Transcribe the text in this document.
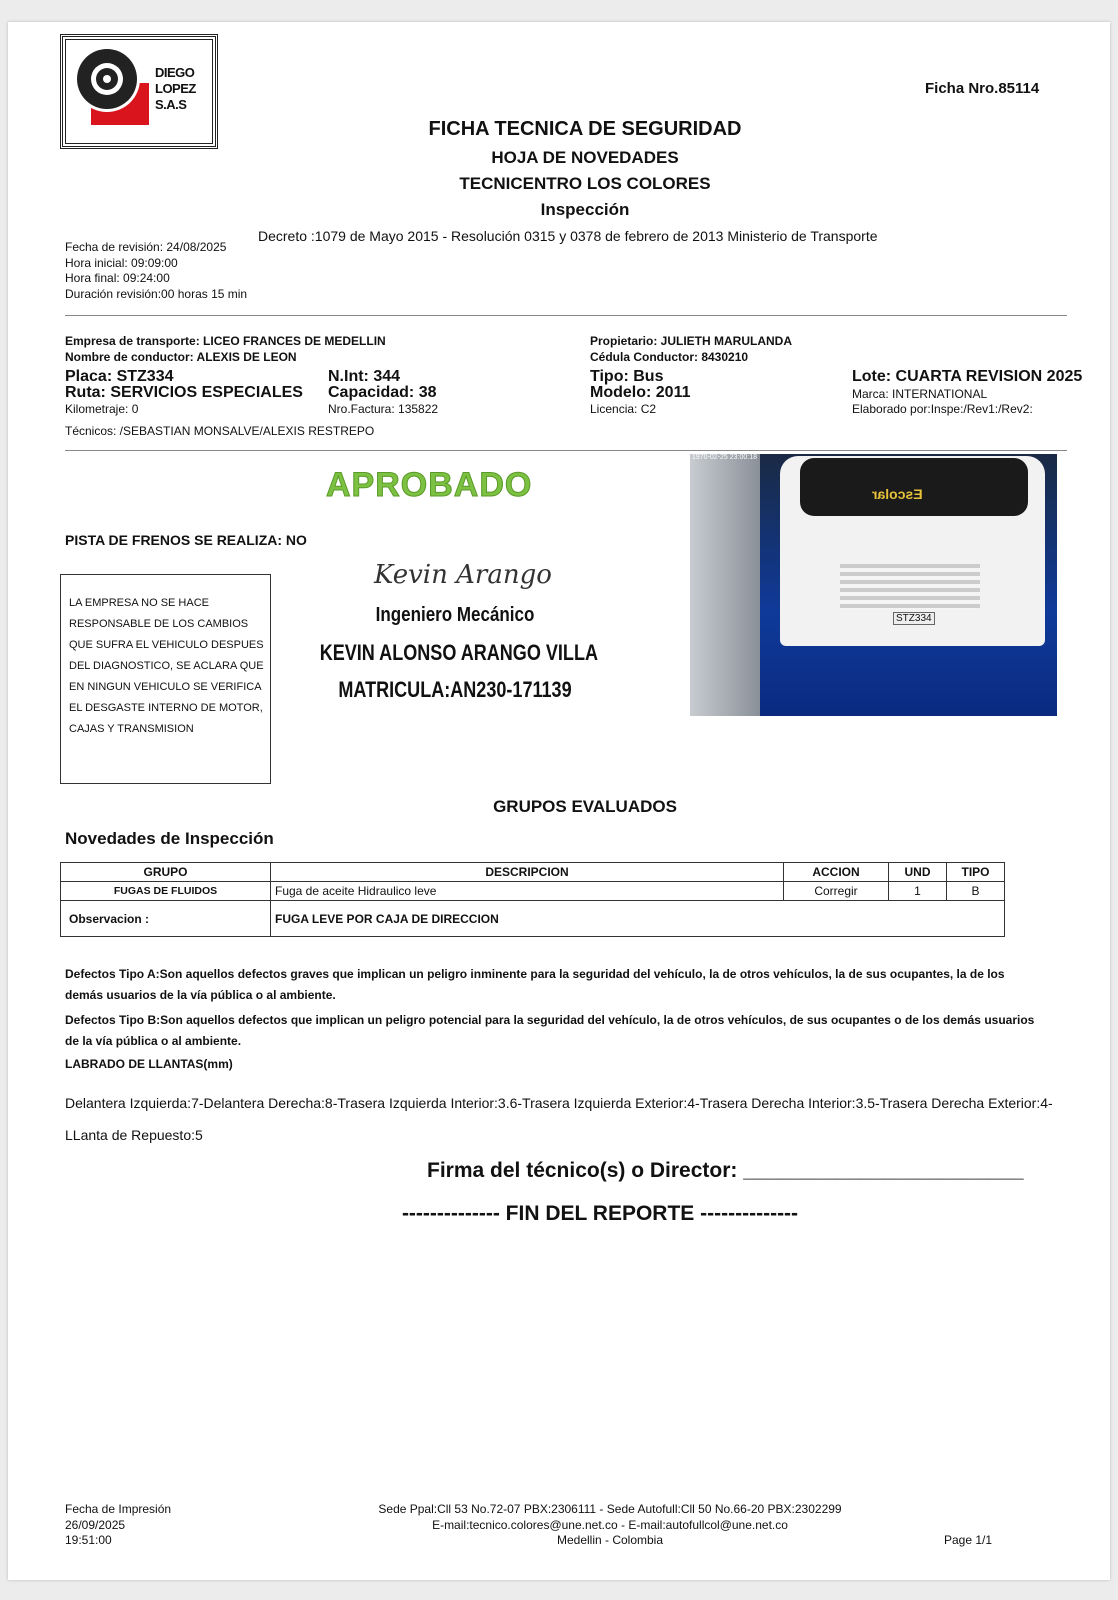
DIEGO
LOPEZ
S.A.S
Ficha Nro.85114
FICHA TECNICA DE SEGURIDAD
HOJA DE NOVEDADES
TECNICENTRO LOS COLORES
Inspección
Decreto :1079 de Mayo 2015 - Resolución 0315 y 0378 de febrero de 2013 Ministerio de Transporte
Fecha de revisión: 24/08/2025
Hora inicial: 09:09:00
Hora final: 09:24:00
Duración revisión:00 horas 15 min
Empresa de transporte: LICEO FRANCES DE MEDELLIN
Nombre de conductor: ALEXIS DE LEON
Propietario: JULIETH MARULANDA
Cédula Conductor: 8430210
Placa: STZ334
Ruta: SERVICIOS ESPECIALES
Kilometraje: 0
N.Int: 344
Capacidad: 38
Nro.Factura: 135822
Tipo: Bus
Modelo: 2011
Licencia: C2
Lote: CUARTA REVISION 2025
Marca: INTERNATIONAL
Elaborado por:Inspe:/Rev1:/Rev2:
Técnicos: /SEBASTIAN MONSALVE/ALEXIS RESTREPO
APROBADO
PISTA DE FRENOS SE REALIZA: NO
LA EMPRESA NO SE HACE RESPONSABLE DE LOS CAMBIOS QUE SUFRA EL VEHICULO DESPUES DEL DIAGNOSTICO, SE ACLARA QUE EN NINGUN VEHICULO SE VERIFICA EL DESGASTE INTERNO DE MOTOR, CAJAS Y TRANSMISION
Kevin Arango
Ingeniero Mecánico
KEVIN ALONSO ARANGO VILLA
MATRICULA:AN230-171139
Escolar
STZ334
1970-02-25 23:00:18
GRUPOS EVALUADOS
Novedades de Inspección
GRUPO	DESCRIPCION	ACCION	UND	TIPO
FUGAS DE FLUIDOS	Fuga de aceite Hidraulico leve	Corregir	1	B
Observacion :	FUGA LEVE POR CAJA DE DIRECCION			
Defectos Tipo A:Son aquellos defectos graves que implican un peligro inminente para la seguridad del vehículo, la de otros vehículos, la de sus ocupantes, la de los demás usuarios de la vía pública o al ambiente.
Defectos Tipo B:Son aquellos defectos que implican un peligro potencial para la seguridad del vehículo, la de otros vehículos, de sus ocupantes o de los demás usuarios de la vía pública o al ambiente.
LABRADO DE LLANTAS(mm)
Delantera Izquierda:7-Delantera Derecha:8-Trasera Izquierda Interior:3.6-Trasera Izquierda Exterior:4-Trasera Derecha Interior:3.5-Trasera Derecha Exterior:4-LLanta de Repuesto:5
Firma del técnico(s) o Director: ________________________
-------------- FIN DEL REPORTE --------------
Fecha de Impresión
26/09/2025
19:51:00
Sede Ppal:Cll 53 No.72-07 PBX:2306111 - Sede Autofull:Cll 50 No.66-20 PBX:2302299
E-mail:tecnico.colores@une.net.co - E-mail:autofullcol@une.net.co
Medellin - Colombia	Page 1/1
